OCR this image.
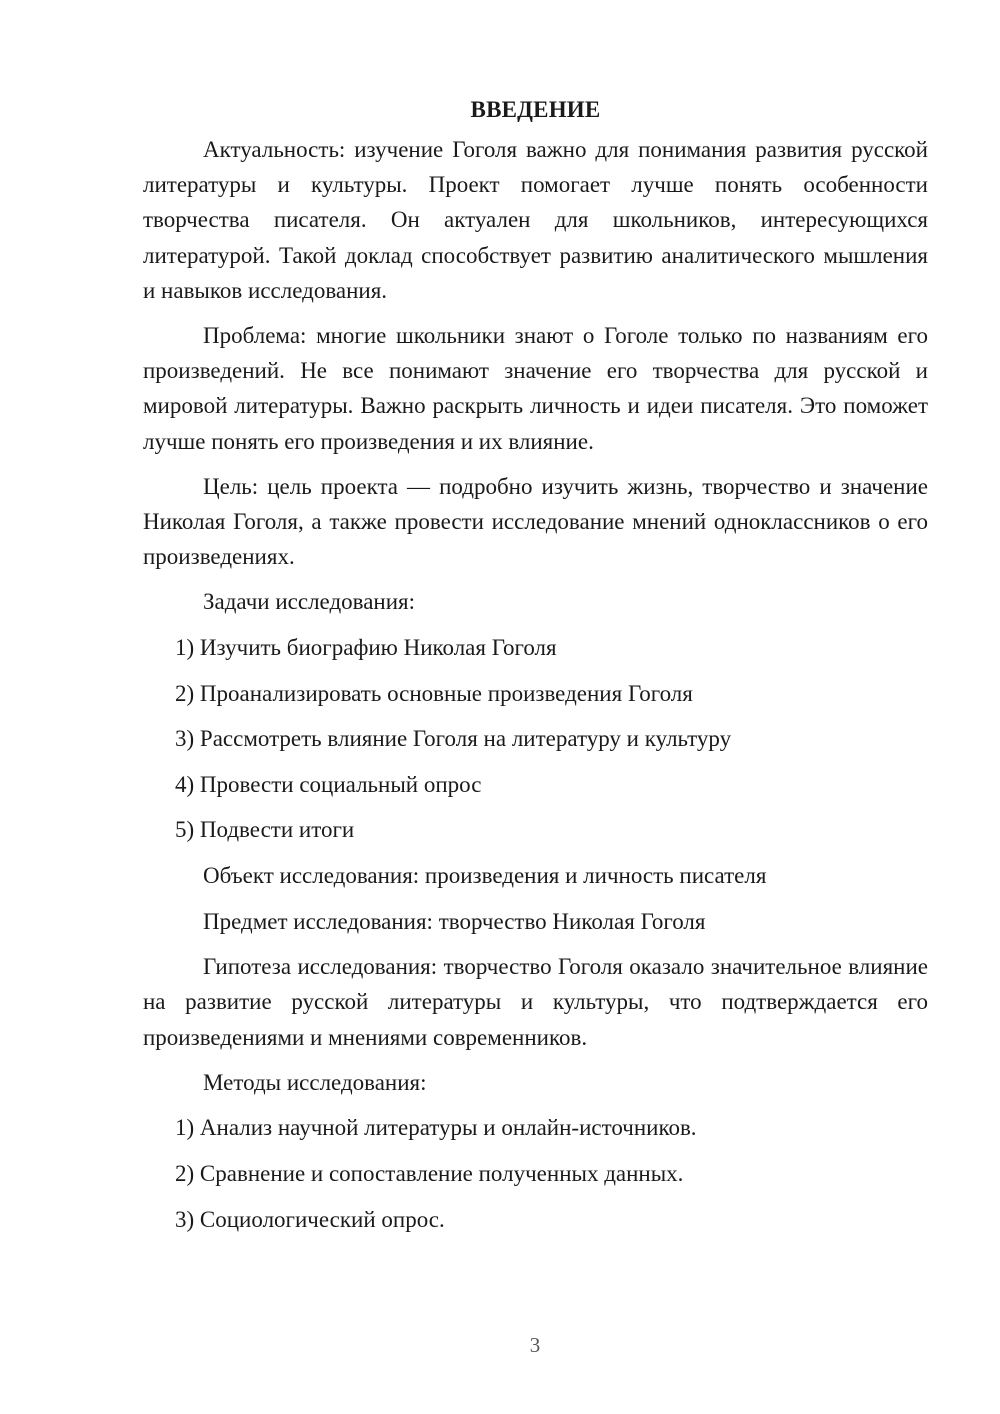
ВВЕДЕНИЕ

Актуальность: изучение Гоголя важно для понимания развития русской литературы и культуры. Проект помогает лучше понять особенности творчества писателя. Он актуален для школьников, интересующихся литературой. Такой доклад способствует развитию аналитического мышления и навыков исследования.

Проблема: многие школьники знают о Гоголе только по названиям его произведений. Не все понимают значение его творчества для русской и мировой литературы. Важно раскрыть личность и идеи писателя. Это поможет лучше понять его произведения и их влияние.

Цель: цель проекта — подробно изучить жизнь, творчество и значение Николая Гоголя, а также провести исследование мнений одноклассников о его произведениях.

Задачи исследования:
1) Изучить биографию Николая Гоголя
2) Проанализировать основные произведения Гоголя
3) Рассмотреть влияние Гоголя на литературу и культуру
4) Провести социальный опрос
5) Подвести итоги
Объект исследования: произведения и личность писателя
Предмет исследования: творчество Николая Гоголя

Гипотеза исследования: творчество Гоголя оказало значительное влияние на развитие русской литературы и культуры, что подтверждается его произведениями и мнениями современников.

Методы исследования:
1) Анализ научной литературы и онлайн-источников.
2) Сравнение и сопоставление полученных данных.
3) Социологический опрос.
3
